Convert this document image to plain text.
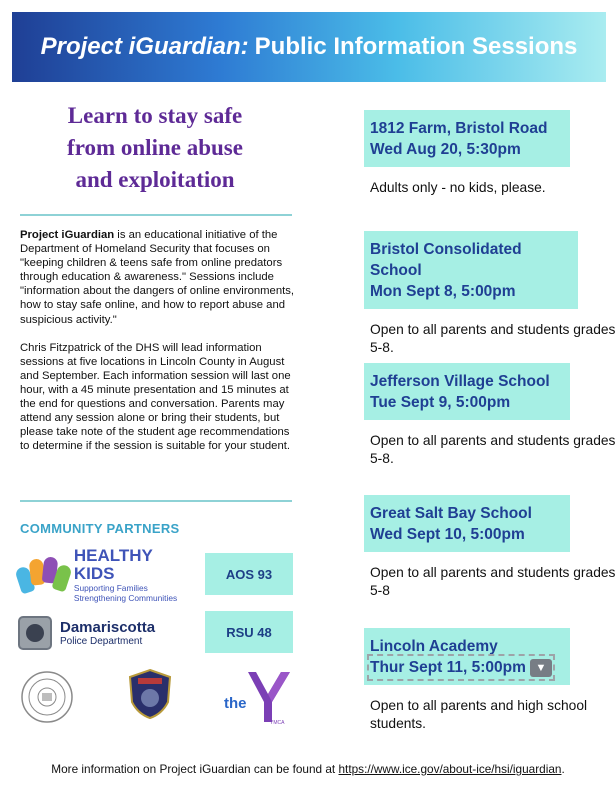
Project iGuardian: Public Information Sessions
Learn to stay safe
from online abuse
and exploitation

Project iGuardian is an educational initiative of the Department of Homeland Security that focuses on "keeping children & teens safe from online predators through education & awareness." Sessions include "information about the dangers of online environments, how to stay safe online, and how to report abuse and suspicious activity."

Chris Fitzpatrick of the DHS will lead information sessions at five locations in Lincoln County in August and September. Each information session will last one hour, with a 45 minute presentation and 15 minutes at the end for questions and conversation. Parents may attend any session alone or bring their students, but please take note of the student age recommendations to determine if the session is suitable for your student.

COMMUNITY PARTNERS
HEALTHY KIDS
Supporting Families
Strengthening Communities
AOS 93
Damariscotta
Police Department
RSU 48
the
YMCA
1812 Farm, Bristol Road
Wed Aug 20, 5:30pm
Adults only - no kids, please.
Bristol Consolidated School
Mon Sept 8, 5:00pm
Open to all parents and students grades 5-8.
Jefferson Village School
Tue Sept 9, 5:00pm
Open to all parents and students grades 5-8.
Great Salt Bay School
Wed Sept 10, 5:00pm
Open to all parents and students grades 5-8
Lincoln Academy
Thur Sept 11, 5:00pm ▼
Open to all parents and high school students.
More information on Project iGuardian can be found at https://www.ice.gov/about-ice/hsi/iguardian.
